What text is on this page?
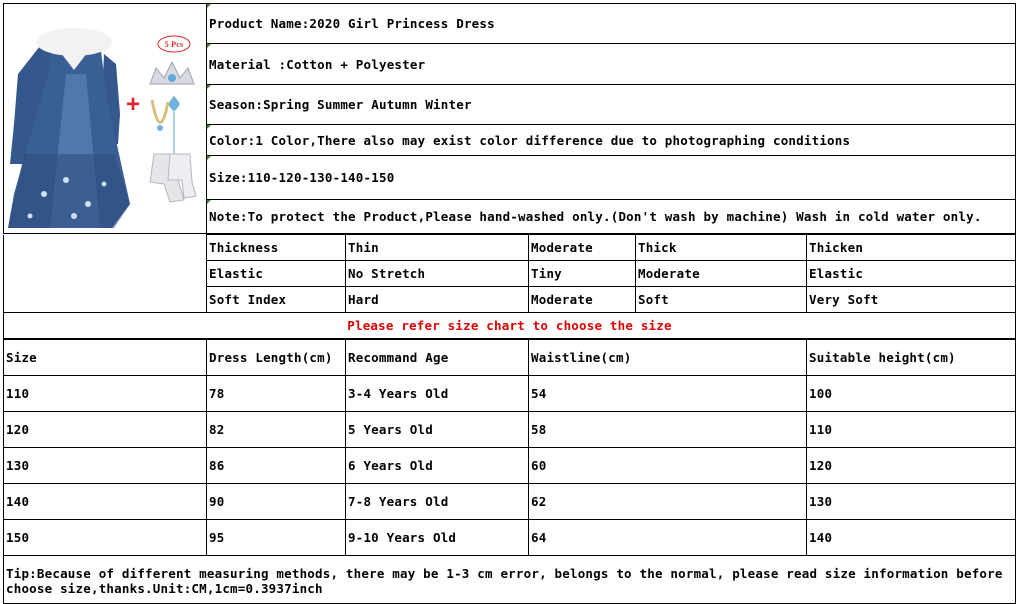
5 Pcs
+
	Product Name:2020 Girl Princess Dress
Material :Cotton + Polyester
Season:Spring Summer Autumn Winter
Color:1 Color,There also may exist color difference due to photographing conditions
Size:110-120-130-140-150
Note:To protect the Product,Please hand-washed only.(Don't wash by machine) Wash in cold water only.
	Thickness	Thin	Moderate	Thick	Thicken
	Elastic	No Stretch	Tiny	Moderate	Elastic
	Soft Index	Hard	Moderate	Soft	Very Soft
Please refer size chart to choose the size					
Size	Dress Length(cm)	Recommand Age	Waistline(cm)	Suitable height(cm)
110	78	3-4 Years Old	54	100
120	82	5 Years Old	58	110
130	86	6 Years Old	60	120
140	90	7-8 Years Old	62	130
150	95	9-10 Years Old	64	140
Tip:Because of different measuring methods, there may be 1-3 cm error, belongs to the normal, please read size information before choose size,thanks.Unit:CM,1cm=0.3937inch				
